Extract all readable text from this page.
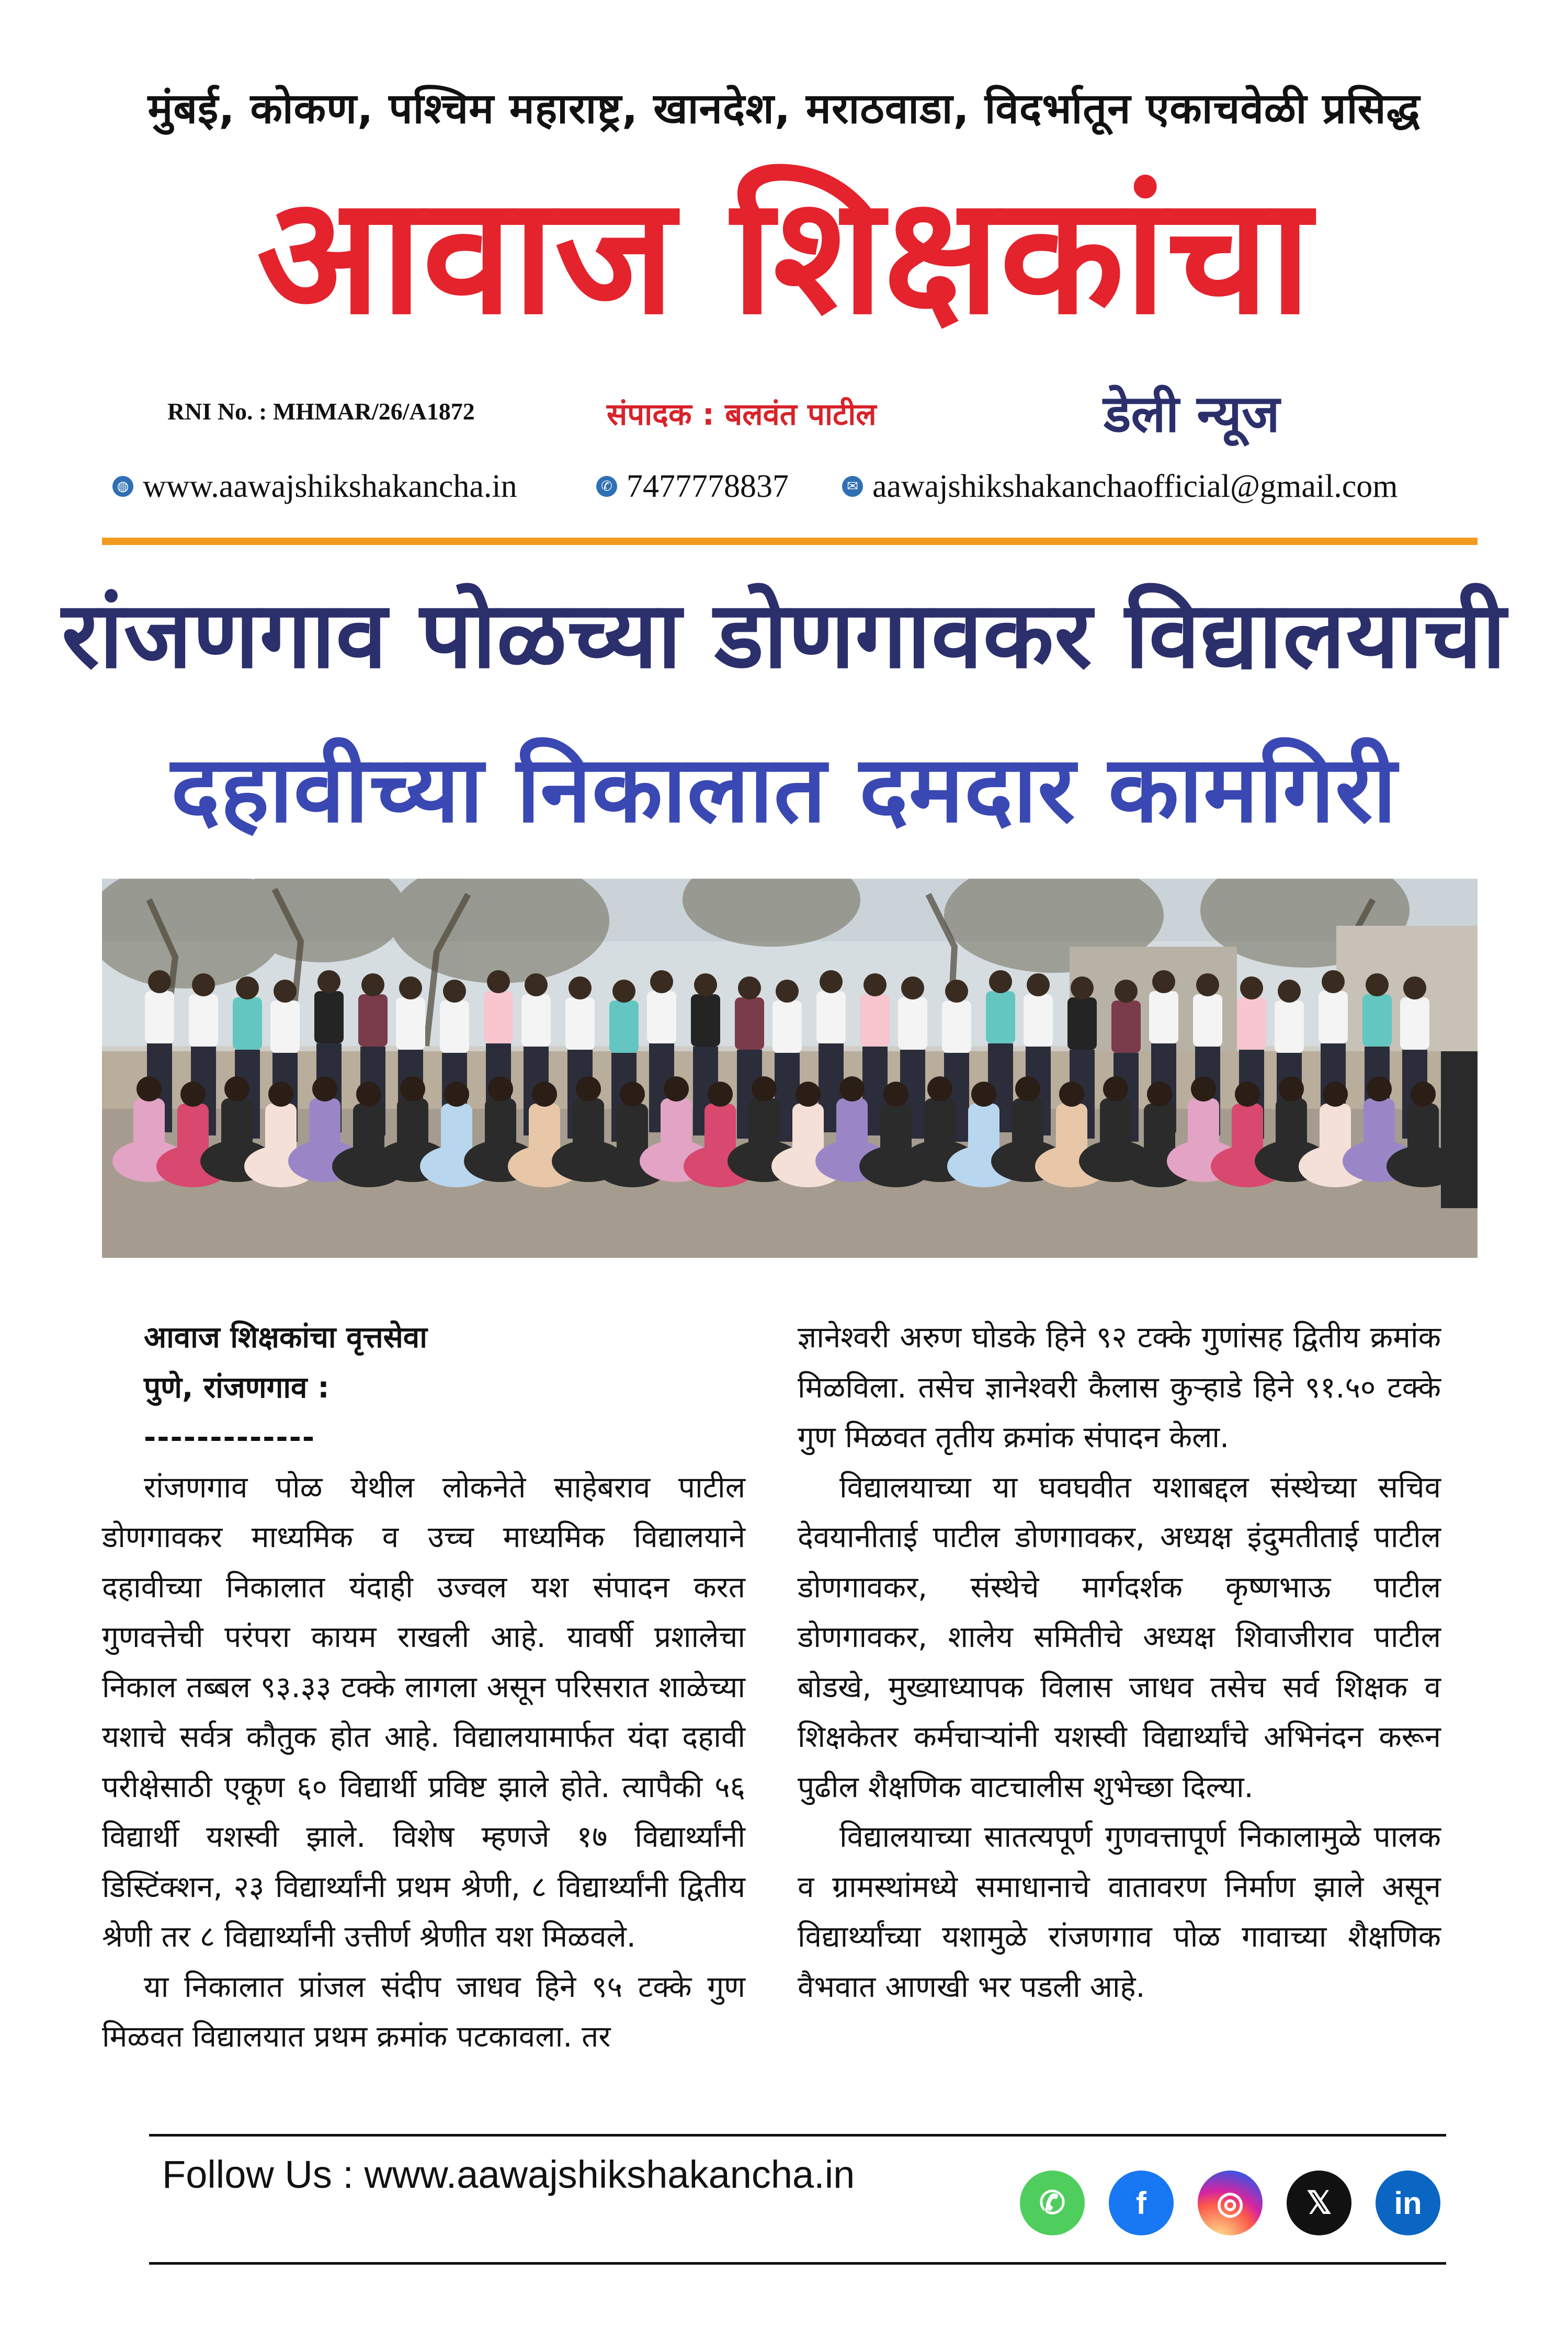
मुंबई, कोकण, पश्चिम महाराष्ट्र, खानदेश, मराठवाडा, विदर्भातून एकाचवेळी प्रसिद्ध
आवाज शिक्षकांचा
RNI No. : MHMAR/26/A1872	संपादक : बलवंत पाटील	डेली न्यूज
◍ www.aawajshikshakancha.in	✆ 7477778837	✉ aawajshikshakanchaofficial@gmail.com
रांजणगाव पोळच्या डोणगावकर विद्यालयाची
दहावीच्या निकालात दमदार कामगिरी

आवाज शिक्षकांचा वृत्तसेवा

पुणे, रांजणगाव :

-------------

रांजणगाव पोळ येथील लोकनेते साहेबराव पाटील डोणगावकर माध्यमिक व उच्च माध्यमिक विद्यालयाने दहावीच्या निकालात यंदाही उज्वल यश संपादन करत गुणवत्तेची परंपरा कायम राखली आहे. यावर्षी प्रशालेचा निकाल तब्बल ९३.३३ टक्के लागला असून परिसरात शाळेच्या यशाचे सर्वत्र कौतुक होत आहे. विद्यालयामार्फत यंदा दहावी परीक्षेसाठी एकूण ६० विद्यार्थी प्रविष्ट झाले होते. त्यापैकी ५६ विद्यार्थी यशस्वी झाले. विशेष म्हणजे १७ विद्यार्थ्यांनी डिस्टिंक्शन, २३ विद्यार्थ्यांनी प्रथम श्रेणी, ८ विद्यार्थ्यांनी द्वितीय श्रेणी तर ८ विद्यार्थ्यांनी उत्तीर्ण श्रेणीत यश मिळवले.

या निकालात प्रांजल संदीप जाधव हिने ९५ टक्के गुण मिळवत विद्यालयात प्रथम क्रमांक पटकावला. तर

ज्ञानेश्वरी अरुण घोडके हिने ९२ टक्के गुणांसह द्वितीय क्रमांक मिळविला. तसेच ज्ञानेश्वरी कैलास कुऱ्हाडे हिने ९१.५० टक्के गुण मिळवत तृतीय क्रमांक संपादन केला.

विद्यालयाच्या या घवघवीत यशाबद्दल संस्थेच्या सचिव देवयानीताई पाटील डोणगावकर, अध्यक्ष इंदुमतीताई पाटील डोणगावकर, संस्थेचे मार्गदर्शक कृष्णभाऊ पाटील डोणगावकर, शालेय समितीचे अध्यक्ष शिवाजीराव पाटील बोडखे, मुख्याध्यापक विलास जाधव तसेच सर्व शिक्षक व शिक्षकेतर कर्मचाऱ्यांनी यशस्वी विद्यार्थ्यांचे अभिनंदन करून पुढील शैक्षणिक वाटचालीस शुभेच्छा दिल्या.

विद्यालयाच्या सातत्यपूर्ण गुणवत्तापूर्ण निकालामुळे पालक व ग्रामस्थांमध्ये समाधानाचे वातावरण निर्माण झाले असून विद्यार्थ्यांच्या यशामुळे रांजणगाव पोळ गावाच्या शैक्षणिक वैभवात आणखी भर पडली आहे.

Follow Us : www.aawajshikshakancha.in
✆	f	◎	𝕏	in
